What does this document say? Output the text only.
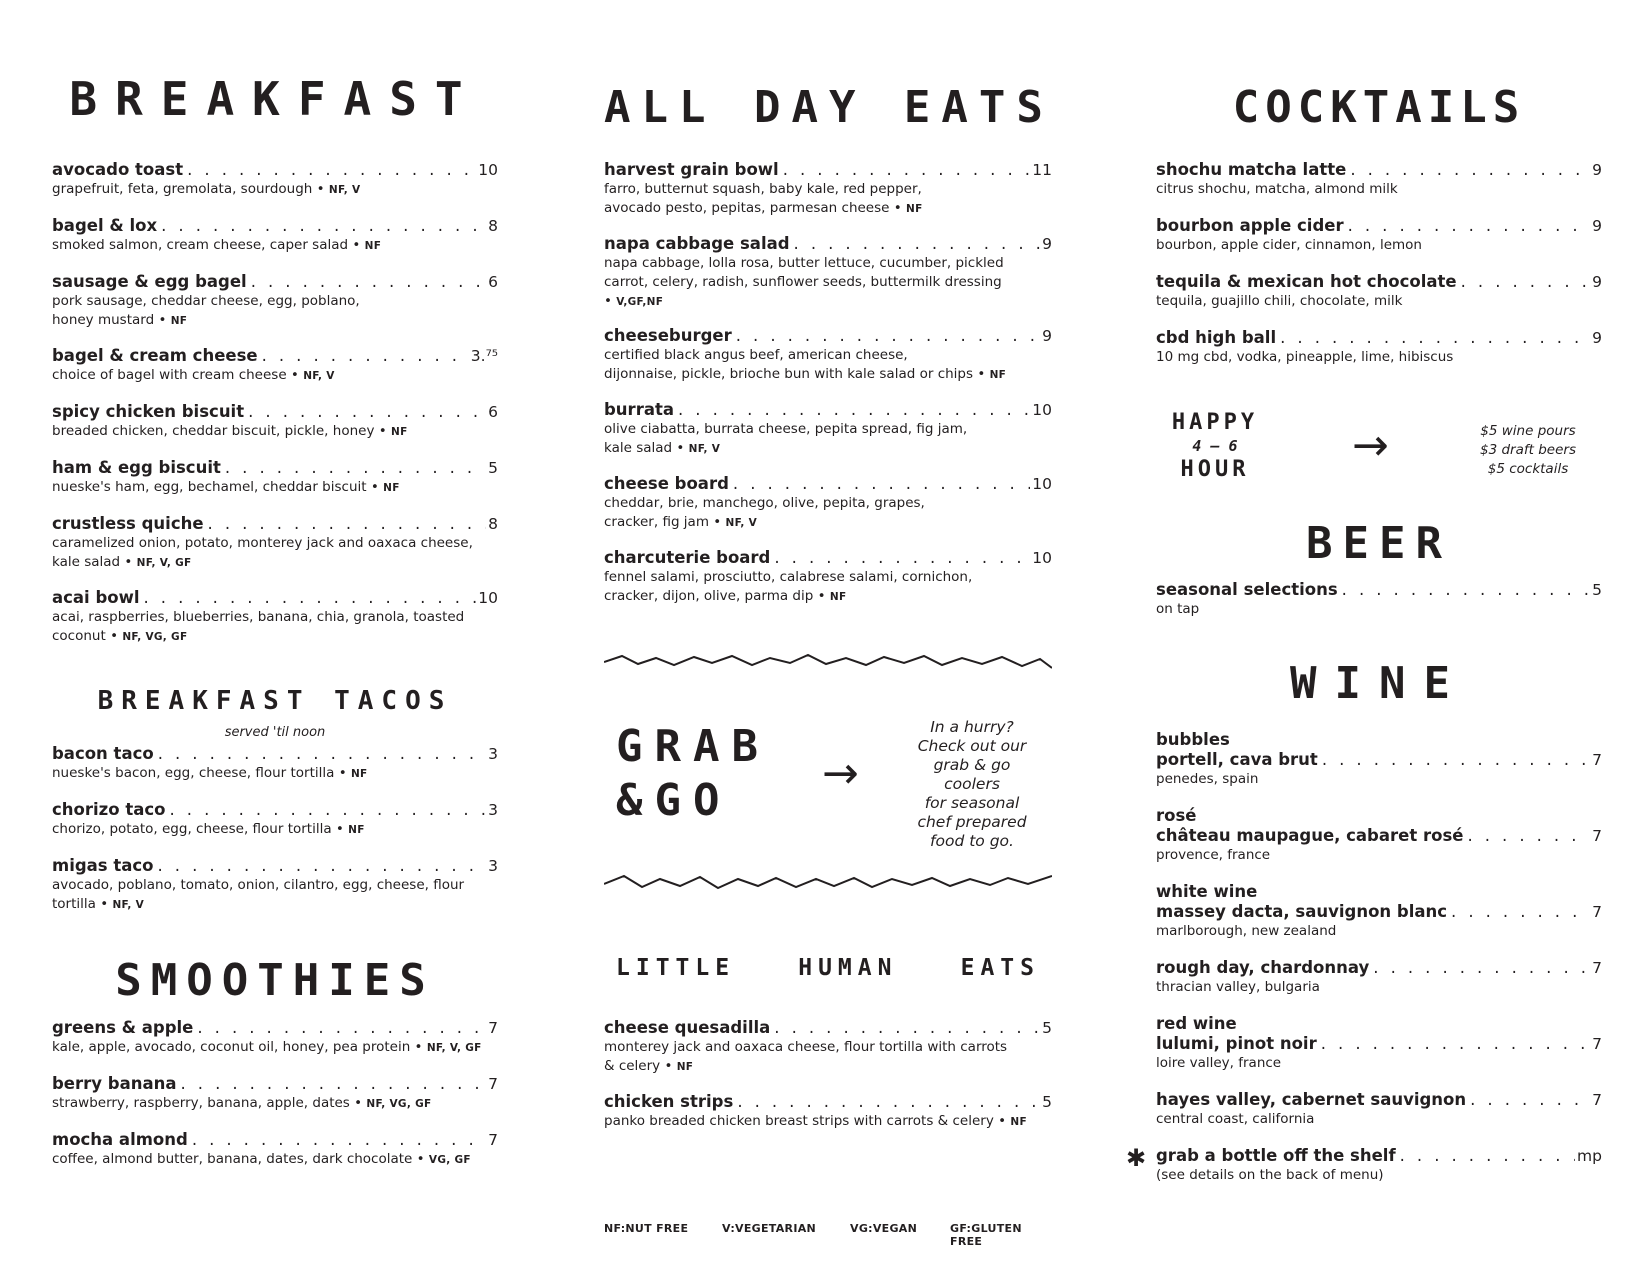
BREAKFAST
avocado toast . . .	10
grapefruit, feta, gremolata, sourdough • NF, V
bagel & lox . . .	8
smoked salmon, cream cheese, caper salad • NF
sausage & egg bagel . . .	6
pork sausage, cheddar cheese, egg, poblano,
honey mustard • NF
bagel & cream cheese . . .	3.⁷⁵
choice of bagel with cream cheese • NF, V
spicy chicken biscuit . . .	6
breaded chicken, cheddar biscuit, pickle, honey • NF
ham & egg biscuit . . .	5
nueske's ham, egg, bechamel, cheddar biscuit • NF
crustless quiche . . .	8
caramelized onion, potato, monterey jack and oaxaca cheese,
kale salad • NF, V, GF
acai bowl . . .	10
acai, raspberries, blueberries, banana, chia, granola, toasted
coconut • NF, VG, GF
BREAKFAST TACOS
served 'til noon
bacon taco . . .	3
nueske's bacon, egg, cheese, flour tortilla • NF
chorizo taco . . .	3
chorizo, potato, egg, cheese, flour tortilla • NF
migas taco . . .	3
avocado, poblano, tomato, onion, cilantro, egg, cheese, flour
tortilla • NF, V
SMOOTHIES
greens & apple . . .	7
kale, apple, avocado, coconut oil, honey, pea protein • NF, V, GF
berry banana . . .	7
strawberry, raspberry, banana, apple, dates • NF, VG, GF
mocha almond . . .	7
coffee, almond butter, banana, dates, dark chocolate • VG, GF
ALL DAY EATS
harvest grain bowl . . .	11
farro, butternut squash, baby kale, red pepper,
avocado pesto, pepitas, parmesan cheese • NF
napa cabbage salad . . .	9
napa cabbage, lolla rosa, butter lettuce, cucumber, pickled
carrot, celery, radish, sunflower seeds, buttermilk dressing
• V,GF,NF
cheeseburger . . .	9
certified black angus beef, american cheese,
dijonnaise, pickle, brioche bun with kale salad or chips • NF
burrata . . .	10
olive ciabatta, burrata cheese, pepita spread, fig jam,
kale salad • NF, V
cheese board . . .	10
cheddar, brie, manchego, olive, pepita, grapes,
cracker, fig jam • NF, V
charcuterie board . . .	10
fennel salami, prosciutto, calabrese salami, cornichon,
cracker, dijon, olive, parma dip • NF
GRAB
&GO
→
In a hurry?
Check out our
grab & go coolers
for seasonal
chef prepared
food to go.
LITTLE	HUMAN	EATS
cheese quesadilla . . .	5
monterey jack and oaxaca cheese, flour tortilla with carrots
& celery • NF
chicken strips . . .	5
panko breaded chicken breast strips with carrots & celery • NF
NF:NUT FREE	V:VEGETARIAN	VG:VEGAN	GF:GLUTEN FREE
COCKTAILS
shochu matcha latte . . .	9
citrus shochu, matcha, almond milk
bourbon apple cider . . .	9
bourbon, apple cider, cinnamon, lemon
tequila & mexican hot chocolate . . .	9
tequila, guajillo chili, chocolate, milk
cbd high ball . . .	9
10 mg cbd, vodka, pineapple, lime, hibiscus
HAPPY
4 – 6
HOUR →	$5 wine pours
$3 draft beers
$5 cocktails
BEER
seasonal selections . . .	5
on tap
WINE
bubbles
portell, cava brut . . .	7
penedes, spain
rosé
château maupague, cabaret rosé . . .	7
provence, france
white wine
massey dacta, sauvignon blanc . . .	7
marlborough, new zealand
rough day, chardonnay . . .	7
thracian valley, bulgaria
red wine
lulumi, pinot noir . . .	7
loire valley, france
hayes valley, cabernet sauvignon . . .	7
central coast, california
✱ grab a bottle off the shelf . . .	mp
(see details on the back of menu)
